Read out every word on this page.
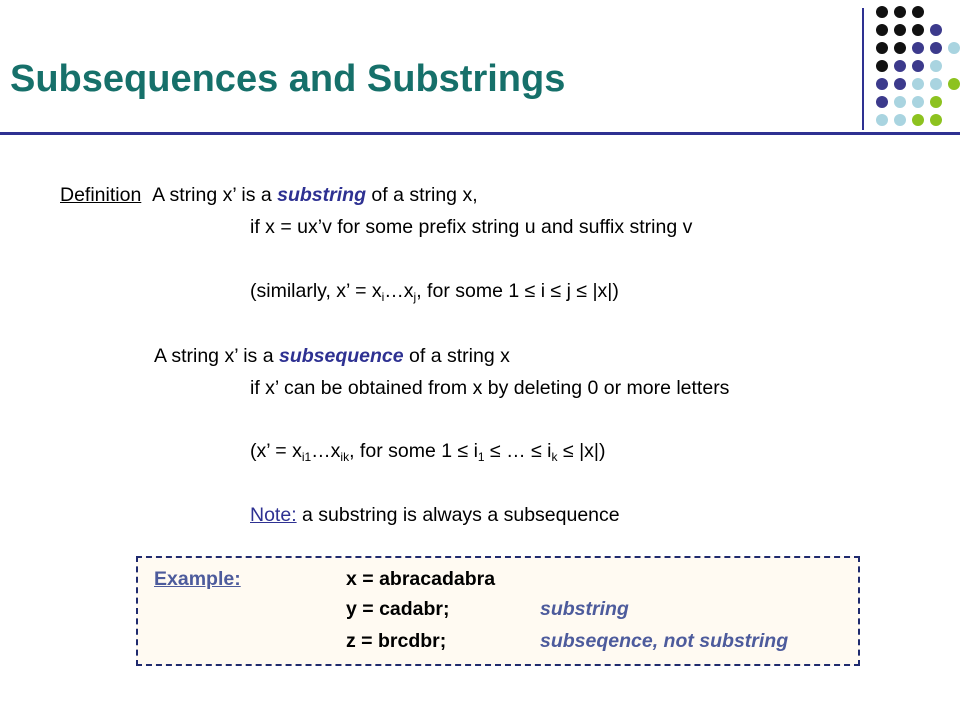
Subsequences and Substrings
Definition A string x’ is a substring of a string x,
if x = ux’v for some prefix string u and suffix string v
(similarly, x’ = $x_i\dots x_j$, for some 1 ≤ i ≤ j ≤ |x|)
A string x’ is a subsequence of a string x
if x’ can be obtained from x by deleting 0 or more letters
(x’ = $x_{i1}\dots x_{ik}$, for some $1 \le i_1$ ≤ … ≤ $i_k \le |x|$)
Note: a substring is always a subsequence
Example:	x = abracadabra
y = cadabr;	substring
z = brcdbr;	subseqence, not substring
